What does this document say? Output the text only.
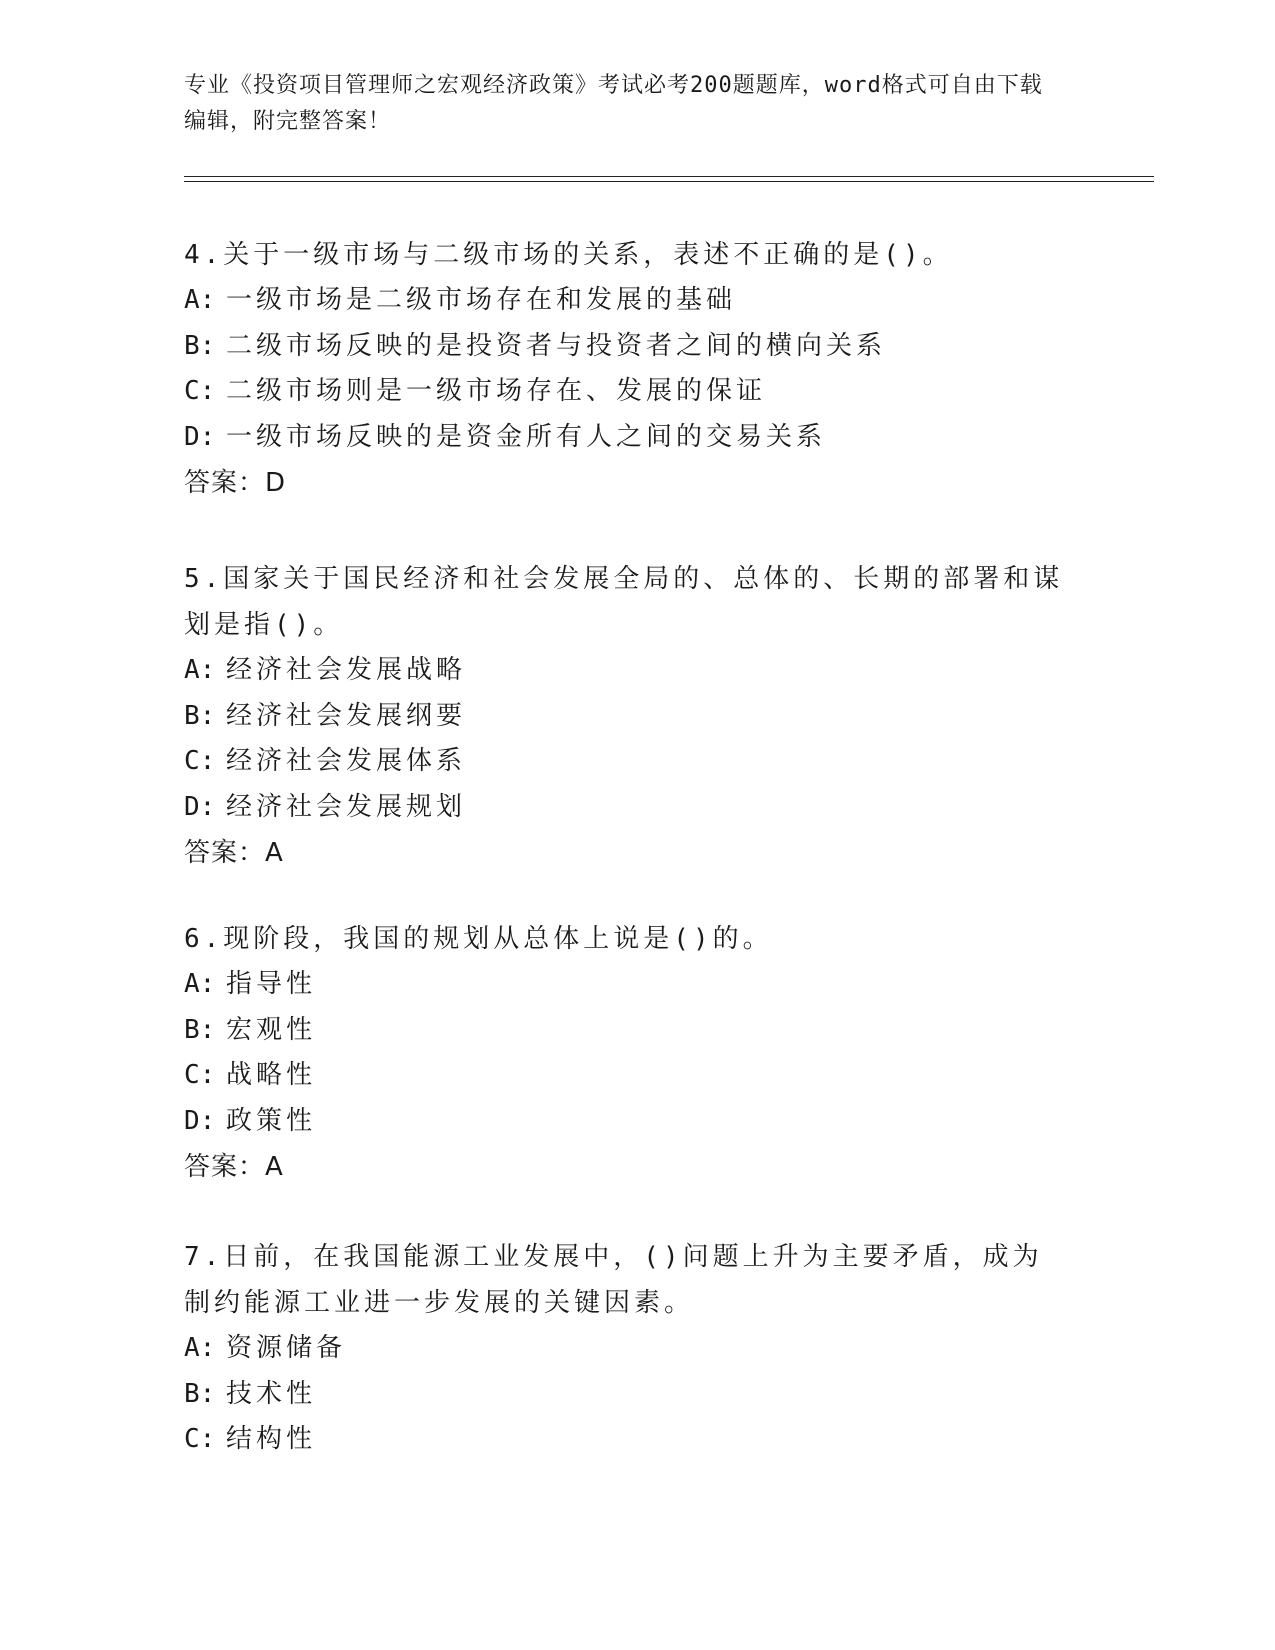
专业《投资项目管理师之宏观经济政策》考试必考200题题库，word格式可自由下载编辑，附完整答案！
4.关于一级市场与二级市场的关系，表述不正确的是()。
A: 一级市场是二级市场存在和发展的基础
B: 二级市场反映的是投资者与投资者之间的横向关系
C: 二级市场则是一级市场存在、发展的保证
D: 一级市场反映的是资金所有人之间的交易关系
答案：D
5.国家关于国民经济和社会发展全局的、总体的、长期的部署和谋划是指()。
A: 经济社会发展战略
B: 经济社会发展纲要
C: 经济社会发展体系
D: 经济社会发展规划
答案：A
6.现阶段，我国的规划从总体上说是()的。
A: 指导性
B: 宏观性
C: 战略性
D: 政策性
答案：A
7.日前，在我国能源工业发展中，()问题上升为主要矛盾，成为制约能源工业进一步发展的关键因素。
A: 资源储备
B: 技术性
C: 结构性
